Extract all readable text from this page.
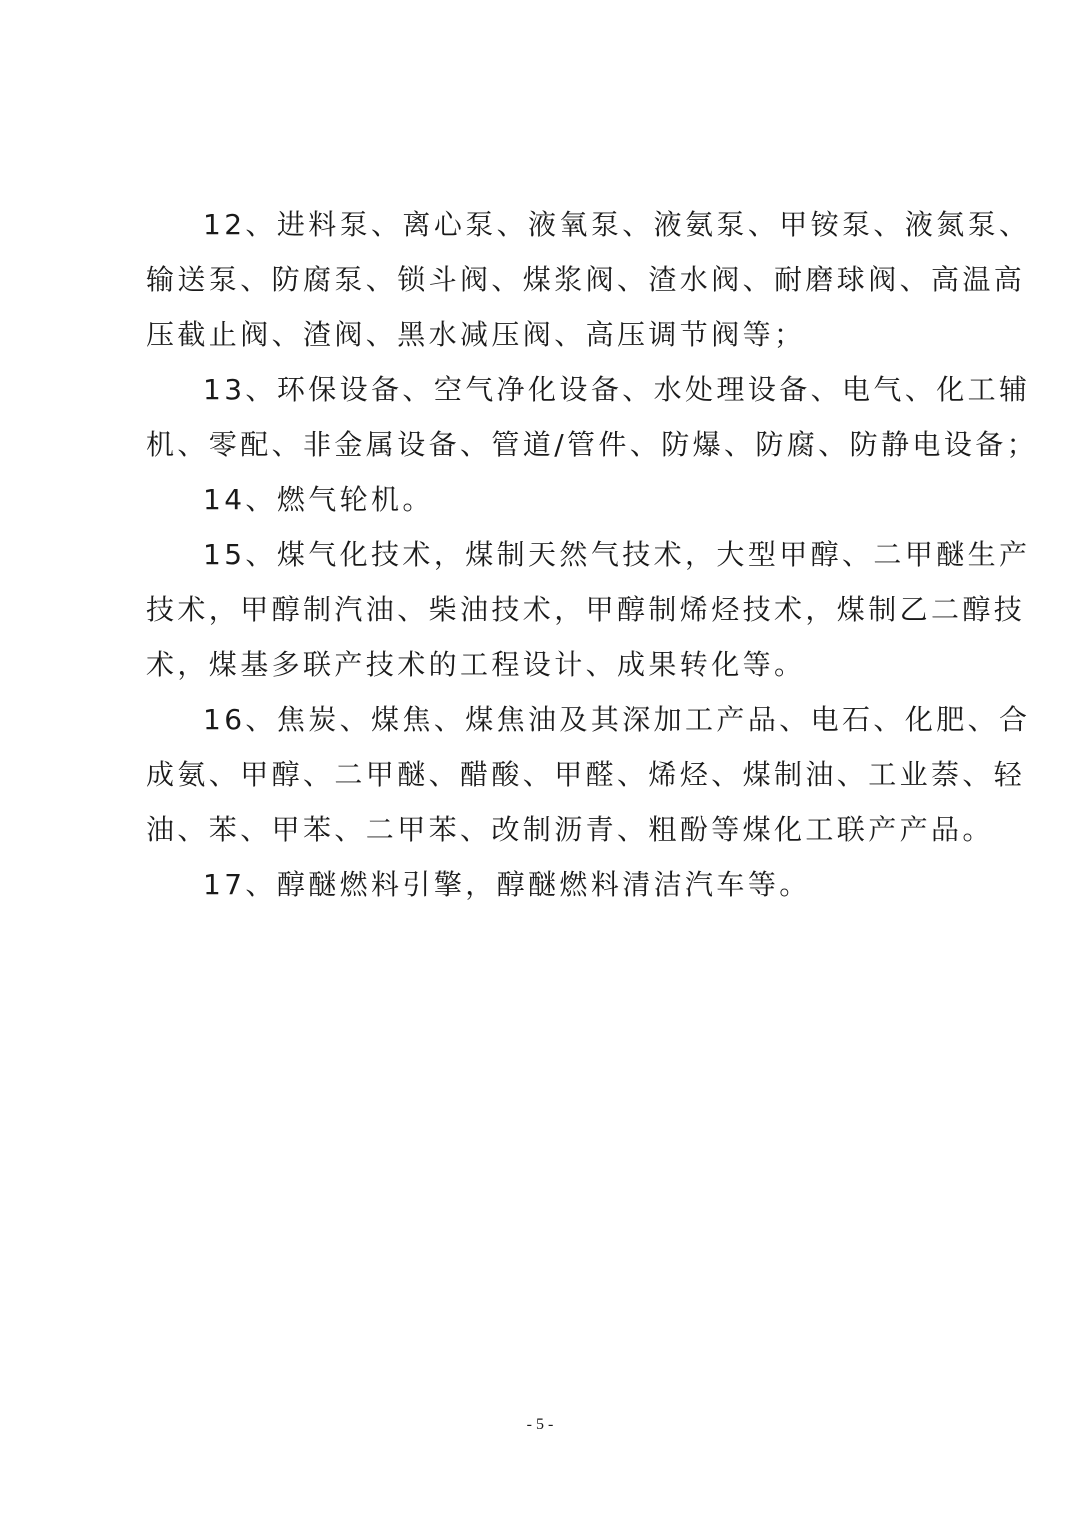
12、进料泵、离心泵、液氧泵、液氨泵、甲铵泵、液氮泵、
输送泵、防腐泵、锁斗阀、煤浆阀、渣水阀、耐磨球阀、高温高
压截止阀、渣阀、黑水减压阀、高压调节阀等；
13、环保设备、空气净化设备、水处理设备、电气、化工辅
机、零配、非金属设备、管道/管件、防爆、防腐、防静电设备；
14、燃气轮机。
15、煤气化技术，煤制天然气技术，大型甲醇、二甲醚生产
技术，甲醇制汽油、柴油技术，甲醇制烯烃技术，煤制乙二醇技
术，煤基多联产技术的工程设计、成果转化等。
16、焦炭、煤焦、煤焦油及其深加工产品、电石、化肥、合
成氨、甲醇、二甲醚、醋酸、甲醛、烯烃、煤制油、工业萘、轻
油、苯、甲苯、二甲苯、改制沥青、粗酚等煤化工联产产品。
17、醇醚燃料引擎，醇醚燃料清洁汽车等。
- 5 -
